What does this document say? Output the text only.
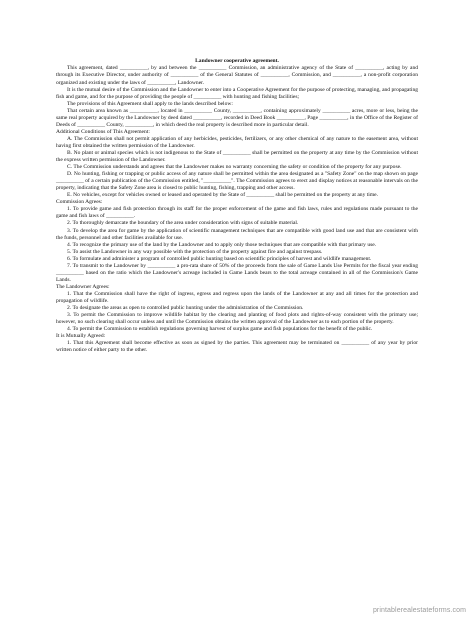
Landowner cooperative agreement.

This agreement, dated __________, by and between the __________ Commission, an administrative agency of the State of __________, acting by and through its Executive Director, under authority of __________ of the General Statutes of __________, Commission, and __________, a non-profit corporation organized and existing under the laws of __________, Landowner.

It is the mutual desire of the Commission and the Landowner to enter into a Cooperative Agreement for the purpose of protecting, managing, and propagating fish and game, and for the purpose of providing the people of __________ with hunting and fishing facilities;

The provisions of this Agreement shall apply to the lands described below:

That certain area known as __________, located in __________ County, __________, containing approximately __________ acres, more or less, being the same real property acquired by the Landowner by deed dated __________, recorded in Deed Book __________, Page __________, in the Office of the Register of Deeds of __________ County, __________, in which deed the real property is described more in particular detail.

Additional Conditions of This Agreement:

A. The Commission shall not permit application of any herbicides, pesticides, fertilizers, or any other chemical of any nature to the easement area, without having first obtained the written permission of the Landowner.

B. No plant or animal species which is not indigenous to the State of __________ shall be permitted on the property at any time by the Commission without the express written permission of the Landowner.

C. The Commission understands and agrees that the Landowner makes no warranty concerning the safety or condition of the property for any purpose.

D. No hunting, fishing or trapping or public access of any nature shall be permitted within the area designated as a "Safety Zone" on the map shown on page __________ of a certain publication of the Commission entitled, "__________". The Commission agrees to erect and display notices at reasonable intervals on the property, indicating that the Safety Zone area is closed to public hunting, fishing, trapping and other access.

E. No vehicles, except for vehicles owned or leased and operated by the State of __________ shall be permitted on the property at any time.

Commission Agrees:

1. To provide game and fish protection through its staff for the proper enforcement of the game and fish laws, rules and regulations made pursuant to the game and fish laws of __________.

2. To thoroughly demarcate the boundary of the area under consideration with signs of suitable material.

3. To develop the area for game by the application of scientific management techniques that are compatible with good land use and that are consistent with the funds, personnel and other facilities available for use.

4. To recognize the primary use of the land by the Landowner and to apply only those techniques that are compatible with that primary use.

5. To assist the Landowner in any way possible with the protection of the property against fire and against trespass.

6. To formulate and administer a program of controlled public hunting based on scientific principles of harvest and wildlife management.

7. To transmit to the Landowner by __________ a pro-rata share of 50% of the proceeds from the sale of Game Lands Use Permits for the fiscal year ending __________ based on the ratio which the Landowner's acreage included in Game Lands bears to the total acreage contained in all of the Commission's Game Lands.

The Landowner Agrees:

1. That the Commission shall have the right of ingress, egress and regress upon the lands of the Landowner at any and all times for the protection and propagation of wildlife.

2. To designate the areas as open to controlled public hunting under the administration of the Commission.

3. To permit the Commission to improve wildlife habitat by the clearing and planting of food plots and rights-of-way consistent with the primary use; however, no such clearing shall occur unless and until the Commission obtains the written approval of the Landowner as to each portion of the property.

4. To permit the Commission to establish regulations governing harvest of surplus game and fish populations for the benefit of the public.

It is Mutually Agreed:

1. That this Agreement shall become effective as soon as signed by the parties. This agreement may be terminated on __________ of any year by prior written notice of either party to the other.

printablerealestateforms.com
